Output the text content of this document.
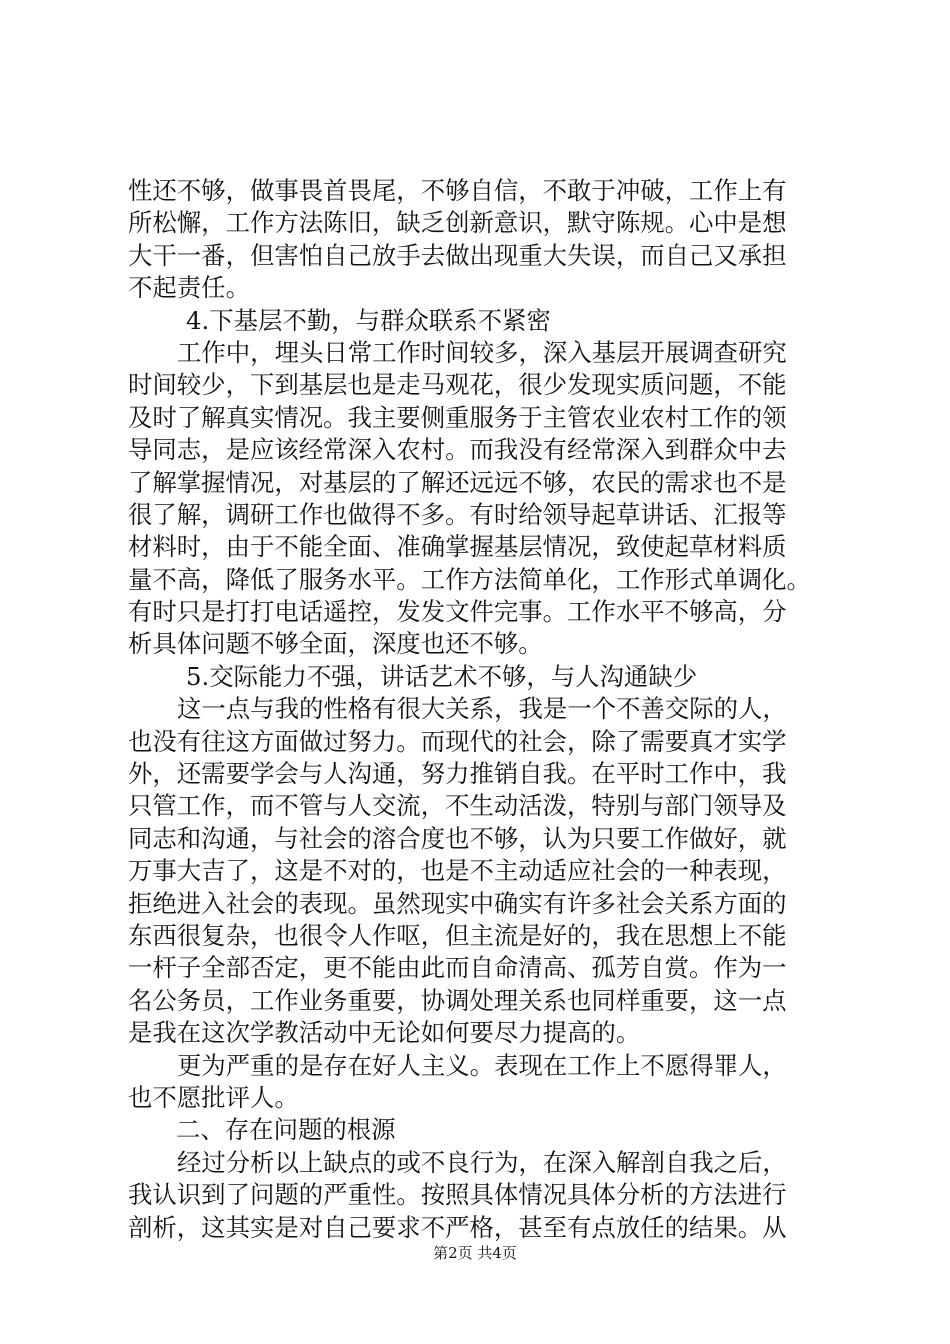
性还不够，做事畏首畏尾，不够自信，不敢于冲破，工作上有
所松懈，工作方法陈旧，缺乏创新意识，默守陈规。心中是想
大干一番，但害怕自己放手去做出现重大失误，而自己又承担
不起责任。
4.下基层不勤，与群众联系不紧密
工作中，埋头日常工作时间较多，深入基层开展调查研究
时间较少，下到基层也是走马观花，很少发现实质问题，不能
及时了解真实情况。我主要侧重服务于主管农业农村工作的领
导同志，是应该经常深入农村。而我没有经常深入到群众中去
了解掌握情况，对基层的了解还远远不够，农民的需求也不是
很了解，调研工作也做得不多。有时给领导起草讲话、汇报等
材料时，由于不能全面、准确掌握基层情况，致使起草材料质
量不高，降低了服务水平。工作方法简单化，工作形式单调化。
有时只是打打电话遥控，发发文件完事。工作水平不够高，分
析具体问题不够全面，深度也还不够。
5.交际能力不强，讲话艺术不够，与人沟通缺少
这一点与我的性格有很大关系，我是一个不善交际的人，
也没有往这方面做过努力。而现代的社会，除了需要真才实学
外，还需要学会与人沟通，努力推销自我。在平时工作中，我
只管工作，而不管与人交流，不生动活泼，特别与部门领导及
同志和沟通，与社会的溶合度也不够，认为只要工作做好，就
万事大吉了，这是不对的，也是不主动适应社会的一种表现，
拒绝进入社会的表现。虽然现实中确实有许多社会关系方面的
东西很复杂，也很令人作呕，但主流是好的，我在思想上不能
一杆子全部否定，更不能由此而自命清高、孤芳自赏。作为一
名公务员，工作业务重要，协调处理关系也同样重要，这一点
是我在这次学教活动中无论如何要尽力提高的。
更为严重的是存在好人主义。表现在工作上不愿得罪人，
也不愿批评人。
二、存在问题的根源
经过分析以上缺点的或不良行为，在深入解剖自我之后，
我认识到了问题的严重性。按照具体情况具体分析的方法进行
剖析，这其实是对自己要求不严格，甚至有点放任的结果。从
第2页 共4页
